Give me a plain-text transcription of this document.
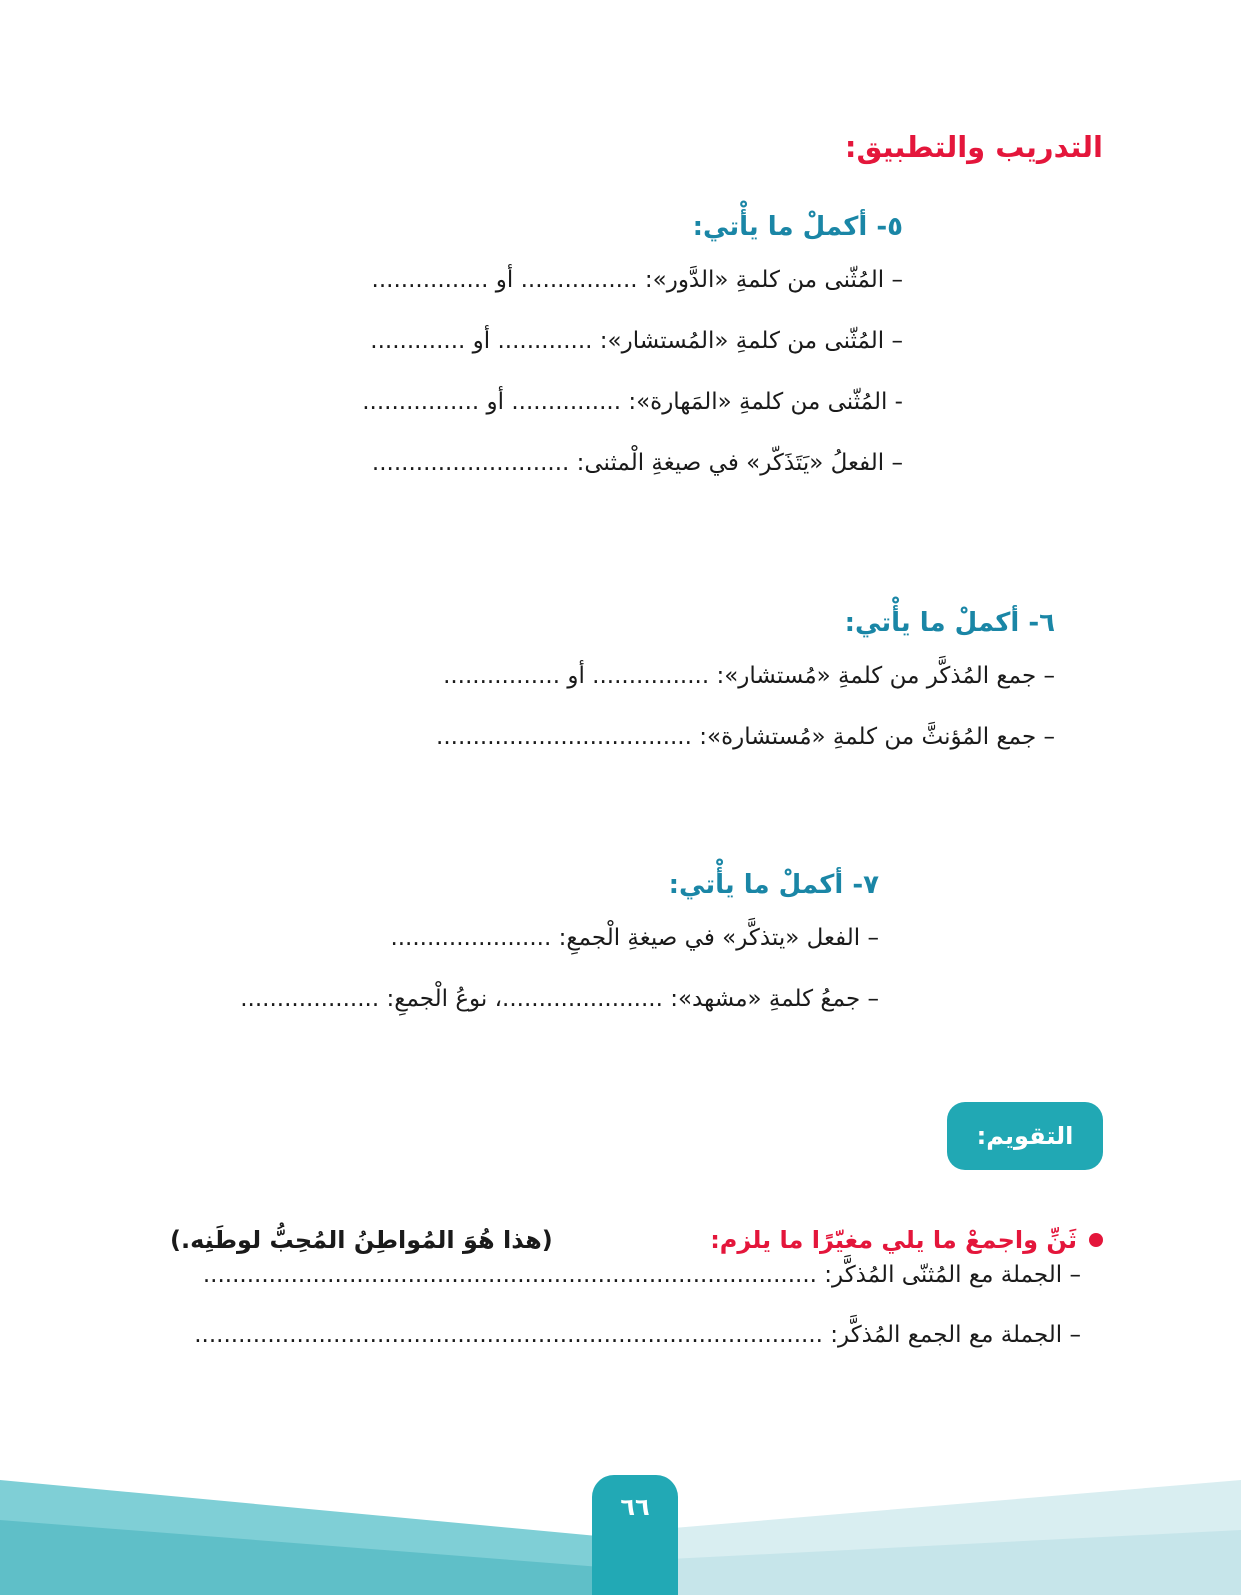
التدريب والتطبيق:
٥- أكملْ ما يأْتي:
– المُثّنى من كلمةِ «الدَّور»: ................ أو ................
– المُثّنى من كلمةِ «المُستشار»: ............. أو .............
- المُثّنى من كلمةِ «المَهارة»: ............... أو ................
– الفعلُ «يَتَذَكّر» في صيغةِ الْمثنى: ...........................
٦- أكملْ ما يأْتي:
– جمع المُذكَّر من كلمةِ «مُستشار»: ................ أو ................
– جمع المُؤنثَّ من كلمةِ «مُستشارة»: ...................................
٧- أكملْ ما يأْتي:
– الفعل «يتذكَّر» في صيغةِ الْجمعِ: ......................
– جمعُ كلمةِ «مشهد»: ......................، نوعُ الْجمعِ: ...................
التقويم:
ثَنِّ واجمعْ ما يلي مغيّرًا ما يلزم:
(هذا هُوَ المُواطِنُ المُحِبُّ لوطَنِه.)
– الجملة مع المُثنّى المُذكَّر: ....................................................................................
– الجملة مع الجمع المُذكَّر: ......................................................................................
٦٦
